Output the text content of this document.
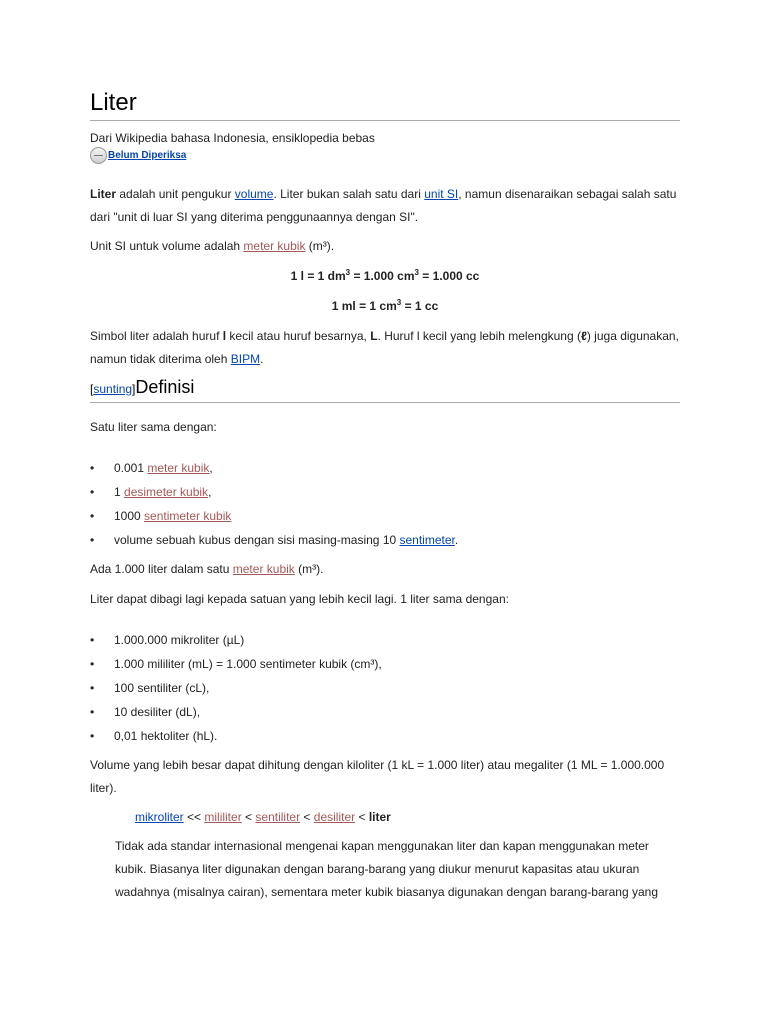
Liter
Dari Wikipedia bahasa Indonesia, ensiklopedia bebas
Belum Diperiksa

Liter adalah unit pengukur volume. Liter bukan salah satu dari unit SI, namun disenaraikan sebagai salah satu dari "unit di luar SI yang diterima penggunaannya dengan SI".

Unit SI untuk volume adalah meter kubik (m³).

1 l = 1 $dm^3 = 1.000$ $cm^3 = 1.000$ cc

1 ml = 1 $cm^3 = 1$ cc

Simbol liter adalah huruf l kecil atau huruf besarnya, L. Huruf l kecil yang lebih melengkung (ℓ) juga digunakan, namun tidak diterima oleh BIPM.

[sunting]Definisi

Satu liter sama dengan:

• 0.001 meter kubik,
• 1 desimeter kubik,
• 1000 sentimeter kubik
• volume sebuah kubus dengan sisi masing-masing 10 sentimeter.

Ada 1.000 liter dalam satu meter kubik (m³).

Liter dapat dibagi lagi kepada satuan yang lebih kecil lagi. 1 liter sama dengan:

• 1.000.000 mikroliter (µL)
• 1.000 mililiter (mL) = 1.000 sentimeter kubik (cm³),
• 100 sentiliter (cL),
• 10 desiliter (dL),
• 0,01 hektoliter (hL).

Volume yang lebih besar dapat dihitung dengan kiloliter (1 kL = 1.000 liter) atau megaliter (1 ML = 1.000.000 liter).

mikroliter << mililiter < sentiliter < desiliter < liter

Tidak ada standar internasional mengenai kapan menggunakan liter dan kapan menggunakan meter kubik. Biasanya liter digunakan dengan barang-barang yang diukur menurut kapasitas atau ukuran wadahnya (misalnya cairan), sementara meter kubik biasanya digunakan dengan barang-barang yang
